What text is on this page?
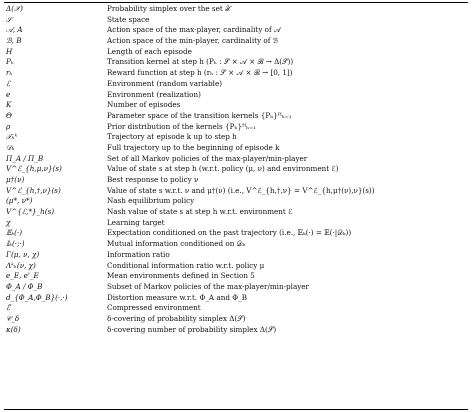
Δ(𝒳)	Probability simplex over the set 𝒳
𝒮	State space
𝒜, A	Action space of the max-player, cardinality of 𝒜
ℬ, B	Action space of the min-player, cardinality of ℬ
H	Length of each episode
Pₕ	Transition kernel at step h (Pₕ : 𝒮 × 𝒜 × ℬ → Δ(𝒮))
rₕ	Reward function at step h (rₕ : 𝒮 × 𝒜 × ℬ → [0, 1])
ℰ	Environment (random variable)
e	Environment (realization)
K	Number of episodes
Θ	Parameter space of the transition kernels {Pₕ}ᴴₕ₌₁
ρ	Prior distribution of the kernels {Pₕ}ᴴₕ₌₁
𝒯ₕᵏ	Trajectory at episode k up to step h
𝒟ₖ	Full trajectory up to the beginning of episode k
Π_A / Π_B	Set of all Markov policies of the max-player/min-player
V^ℰ_{h,μ,ν}(s)	Value of state s at step h (w.r.t. policy (μ, ν) and environment ℰ)
μ†(ν)	Best response to policy ν
V^ℰ_{h,†,ν}(s)	Value of state s w.r.t. ν and μ†(ν) (i.e., V^ℰ_{h,†,ν} = V^ℰ_{h,μ†(ν),ν}(s))
(μ*, ν*)	Nash equilibrium policy
V^{ℰ,*}_h(s)	Nash value of state s at step h w.r.t. environment ℰ
χ	Learning target
𝔼ₖ(·)	Expectation conditioned on the past trajectory (i.e., 𝔼ₖ(·) = 𝔼(·|𝒟ₖ))
𝕀ₖ(·;·)	Mutual information conditioned on 𝒟ₖ
Γ(μ, ν, χ)	Information ratio
Λᵏₕ(ν, χ)	Conditional information ratio w.r.t. policy μ
e_E, e'_E	Mean environments defined in Section 5
Φ_A / Φ_B	Subset of Markov policies of the max-player/min-player
d_{Φ_A,Φ_B}(·,·)	Distortion measure w.r.t. Φ_A and Φ_B
ℰ̃	Compressed environment
𝒞_δ	δ-covering of probability simplex Δ(𝒮)
κ(δ)	δ-covering number of probability simplex Δ(𝒮)
